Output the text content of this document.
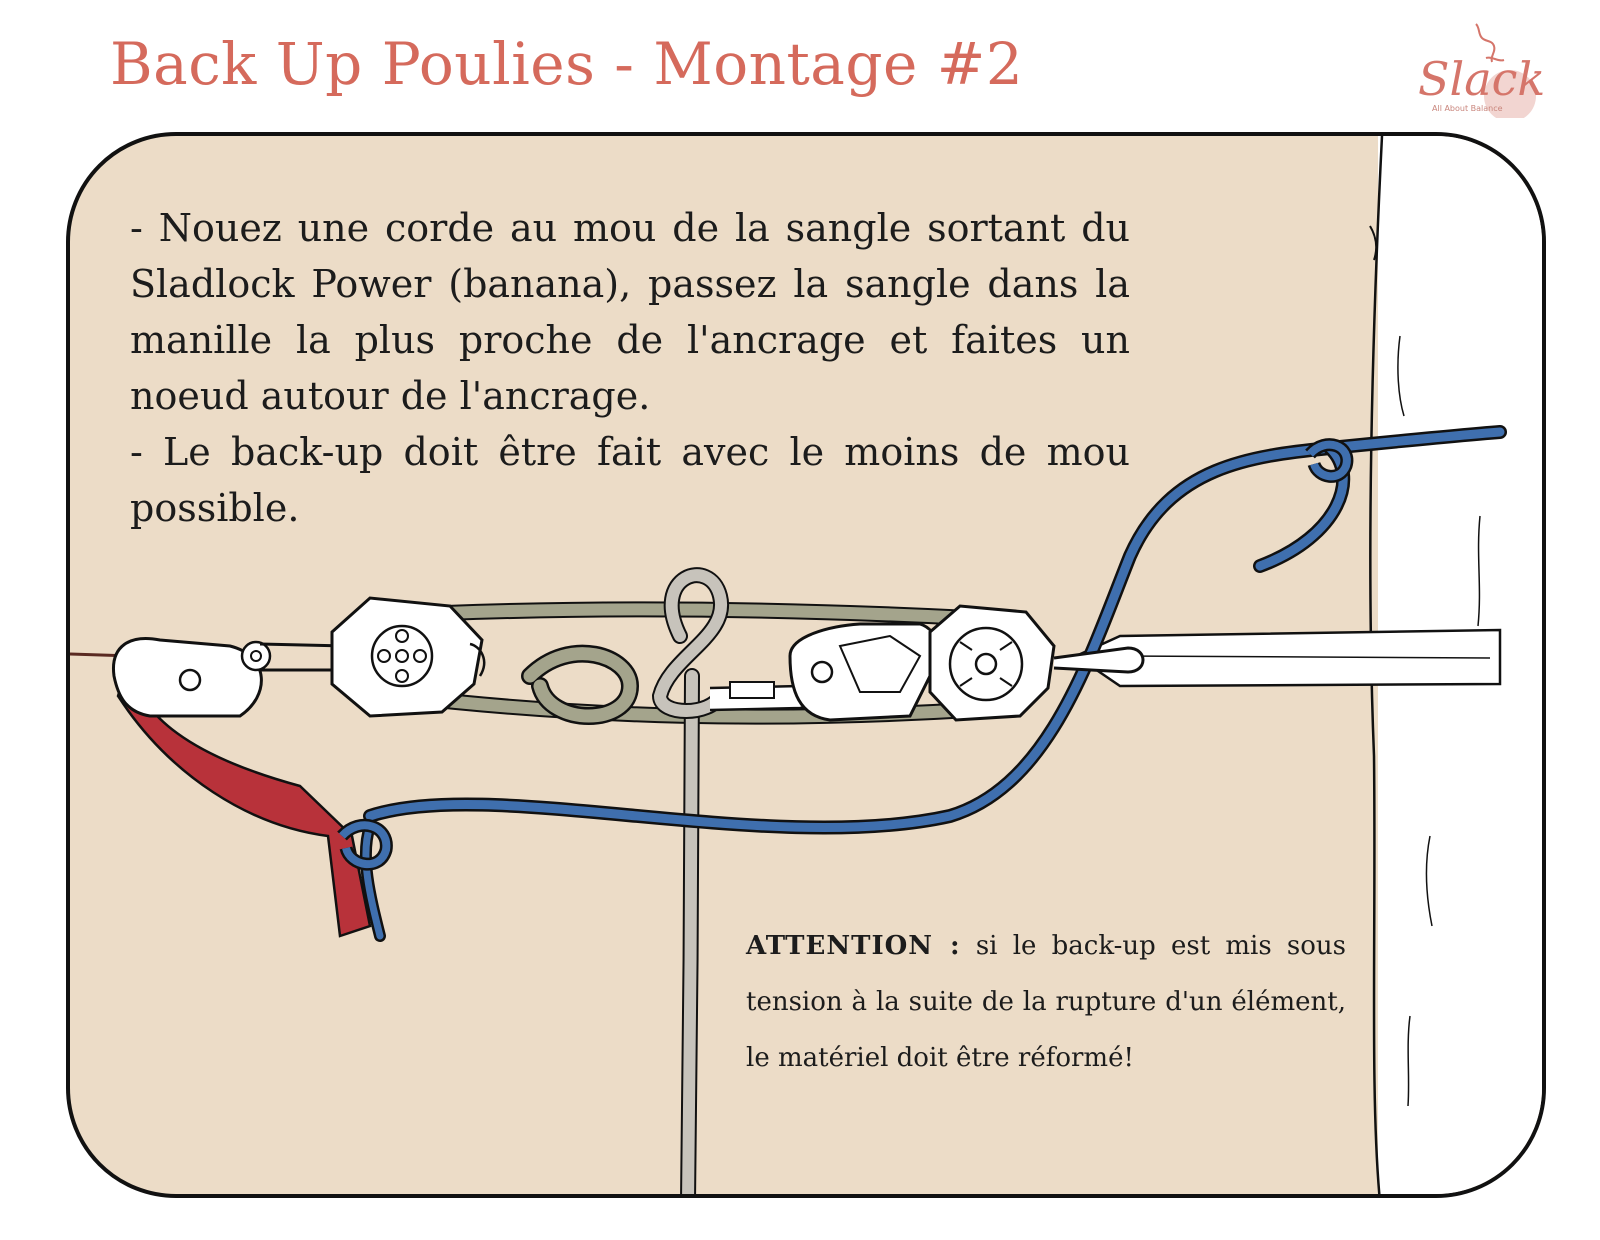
Back Up Poulies - Montage #2	Slack
All About Balance

- Nouez une corde au mou de la sangle sortant du Sladlock Power (banana), passez la sangle dans la manille la plus proche de l'ancrage et faites un noeud autour de l'ancrage.

- Le back-up doit être fait avec le moins de mou possible.

ATTENTION : si le back-up est mis sous tension à la suite de la rupture d'un élément, le matériel doit être réformé!
